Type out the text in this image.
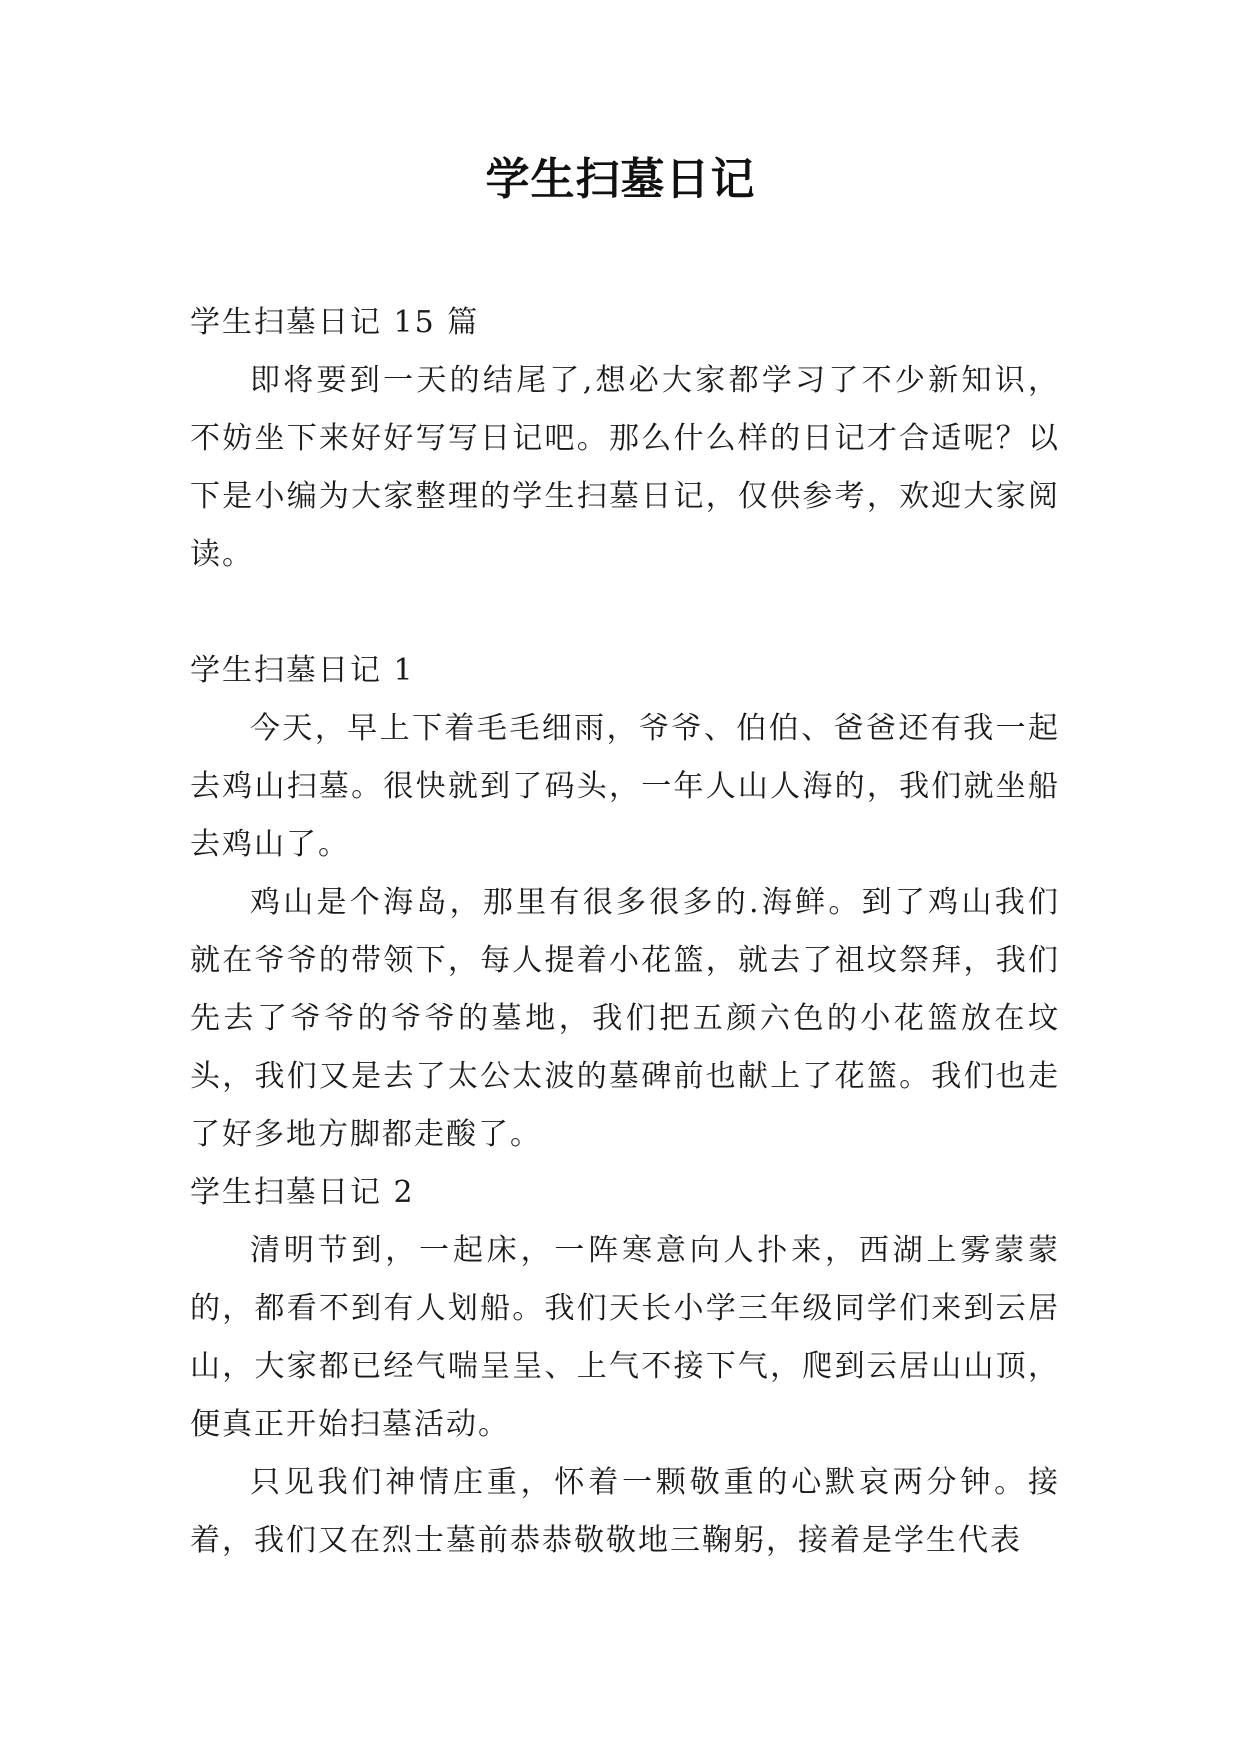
学生扫墓日记

学生扫墓日记 15 篇

即将要到一天的结尾了,想必大家都学习了不少新知识，不妨坐下来好好写写日记吧。那么什么样的日记才合适呢？以下是小编为大家整理的学生扫墓日记，仅供参考，欢迎大家阅读。

学生扫墓日记 1

今天，早上下着毛毛细雨，爷爷、伯伯、爸爸还有我一起去鸡山扫墓。很快就到了码头，一年人山人海的，我们就坐船去鸡山了。

鸡山是个海岛，那里有很多很多的.海鲜。到了鸡山我们就在爷爷的带领下，每人提着小花篮，就去了祖坟祭拜，我们先去了爷爷的爷爷的墓地，我们把五颜六色的小花篮放在坟头，我们又是去了太公太波的墓碑前也献上了花篮。我们也走了好多地方脚都走酸了。

学生扫墓日记 2

清明节到，一起床，一阵寒意向人扑来，西湖上雾蒙蒙的，都看不到有人划船。我们天长小学三年级同学们来到云居山，大家都已经气喘呈呈、上气不接下气，爬到云居山山顶，便真正开始扫墓活动。

只见我们神情庄重，怀着一颗敬重的心默哀两分钟。接着，我们又在烈士墓前恭恭敬敬地三鞠躬，接着是学生代表
